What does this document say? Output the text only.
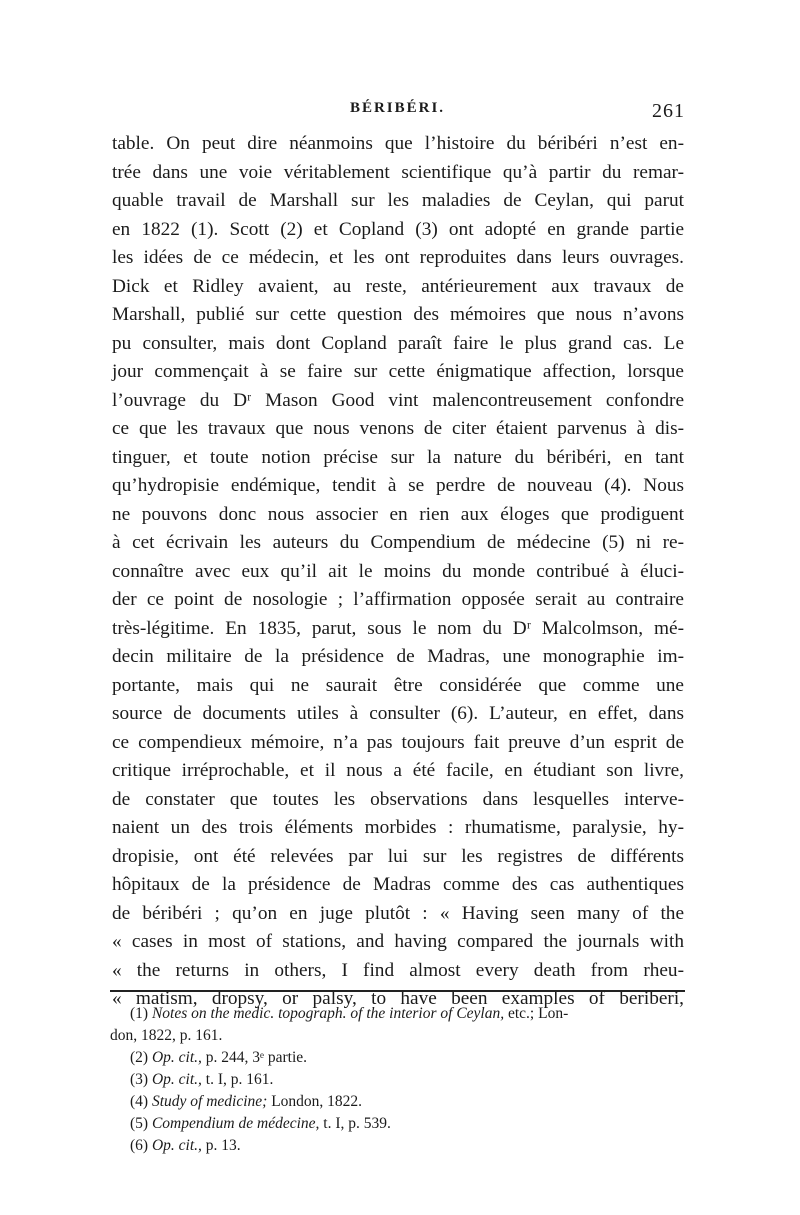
BÉRIBÉRI.	261
table. On peut dire néanmoins que l’histoire du béribéri n’est en-
trée dans une voie véritablement scientifique qu’à partir du remar-
quable travail de Marshall sur les maladies de Ceylan, qui parut
en 1822 (1). Scott (2) et Copland (3) ont adopté en grande partie
les idées de ce médecin, et les ont reproduites dans leurs ouvrages.
Dick et Ridley avaient, au reste, antérieurement aux travaux de
Marshall, publié sur cette question des mémoires que nous n’avons
pu consulter, mais dont Copland paraît faire le plus grand cas. Le
jour commençait à se faire sur cette énigmatique affection, lorsque
l’ouvrage du Dʳ Mason Good vint malencontreusement confondre
ce que les travaux que nous venons de citer étaient parvenus à dis-
tinguer, et toute notion précise sur la nature du béribéri, en tant
qu’hydropisie endémique, tendit à se perdre de nouveau (4). Nous
ne pouvons donc nous associer en rien aux éloges que prodiguent
à cet écrivain les auteurs du Compendium de médecine (5) ni re-
connaître avec eux qu’il ait le moins du monde contribué à éluci-
der ce point de nosologie ; l’affirmation opposée serait au contraire
très-légitime. En 1835, parut, sous le nom du Dʳ Malcolmson, mé-
decin militaire de la présidence de Madras, une monographie im-
portante, mais qui ne saurait être considérée que comme une
source de documents utiles à consulter (6). L’auteur, en effet, dans
ce compendieux mémoire, n’a pas toujours fait preuve d’un esprit de
critique irréprochable, et il nous a été facile, en étudiant son livre,
de constater que toutes les observations dans lesquelles interve-
naient un des trois éléments morbides : rhumatisme, paralysie, hy-
dropisie, ont été relevées par lui sur les registres de différents
hôpitaux de la présidence de Madras comme des cas authentiques
de béribéri ; qu’on en juge plutôt : « Having seen many of the
« cases in most of stations, and having compared the journals with
« the returns in others, I find almost every death from rheu-
« matism, dropsy, or palsy, to have been examples of beriberi,
(1) Notes on the medic. topograph. of the interior of Ceylan, etc.; Lon-
don, 1822, p. 161.
(2) Op. cit., p. 244, 3ᵉ partie.
(3) Op. cit., t. I, p. 161.
(4) Study of medicine; London, 1822.
(5) Compendium de médecine, t. I, p. 539.
(6) Op. cit., p. 13.
